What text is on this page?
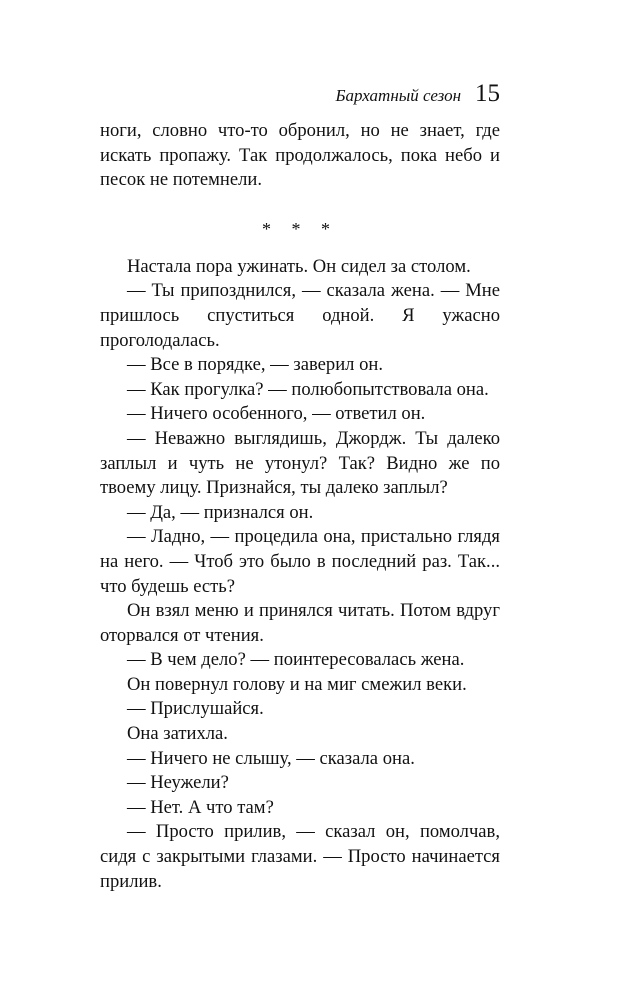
Бархатный сезон 15

ноги, словно что-то обронил, но не знает, где искать пропажу. Так продолжалось, пока небо и песок не потемнели.

* * *

Настала пора ужинать. Он сидел за столом.

— Ты припозднился, — сказала жена. — Мне пришлось спуститься одной. Я ужасно проголодалась.

— Все в порядке, — заверил он.

— Как прогулка? — полюбопытствовала она.

— Ничего особенного, — ответил он.

— Неважно выглядишь, Джордж. Ты далеко заплыл и чуть не утонул? Так? Видно же по твоему лицу. Признайся, ты далеко заплыл?

— Да, — признался он.

— Ладно, — процедила она, пристально глядя на него. — Чтоб это было в последний раз. Так... что будешь есть?

Он взял меню и принялся читать. Потом вдруг оторвался от чтения.

— В чем дело? — поинтересовалась жена.

Он повернул голову и на миг смежил веки.

— Прислушайся.

Она затихла.

— Ничего не слышу, — сказала она.

— Неужели?

— Нет. А что там?

— Просто прилив, — сказал он, помолчав, сидя с закрытыми глазами. — Просто начинается прилив.
